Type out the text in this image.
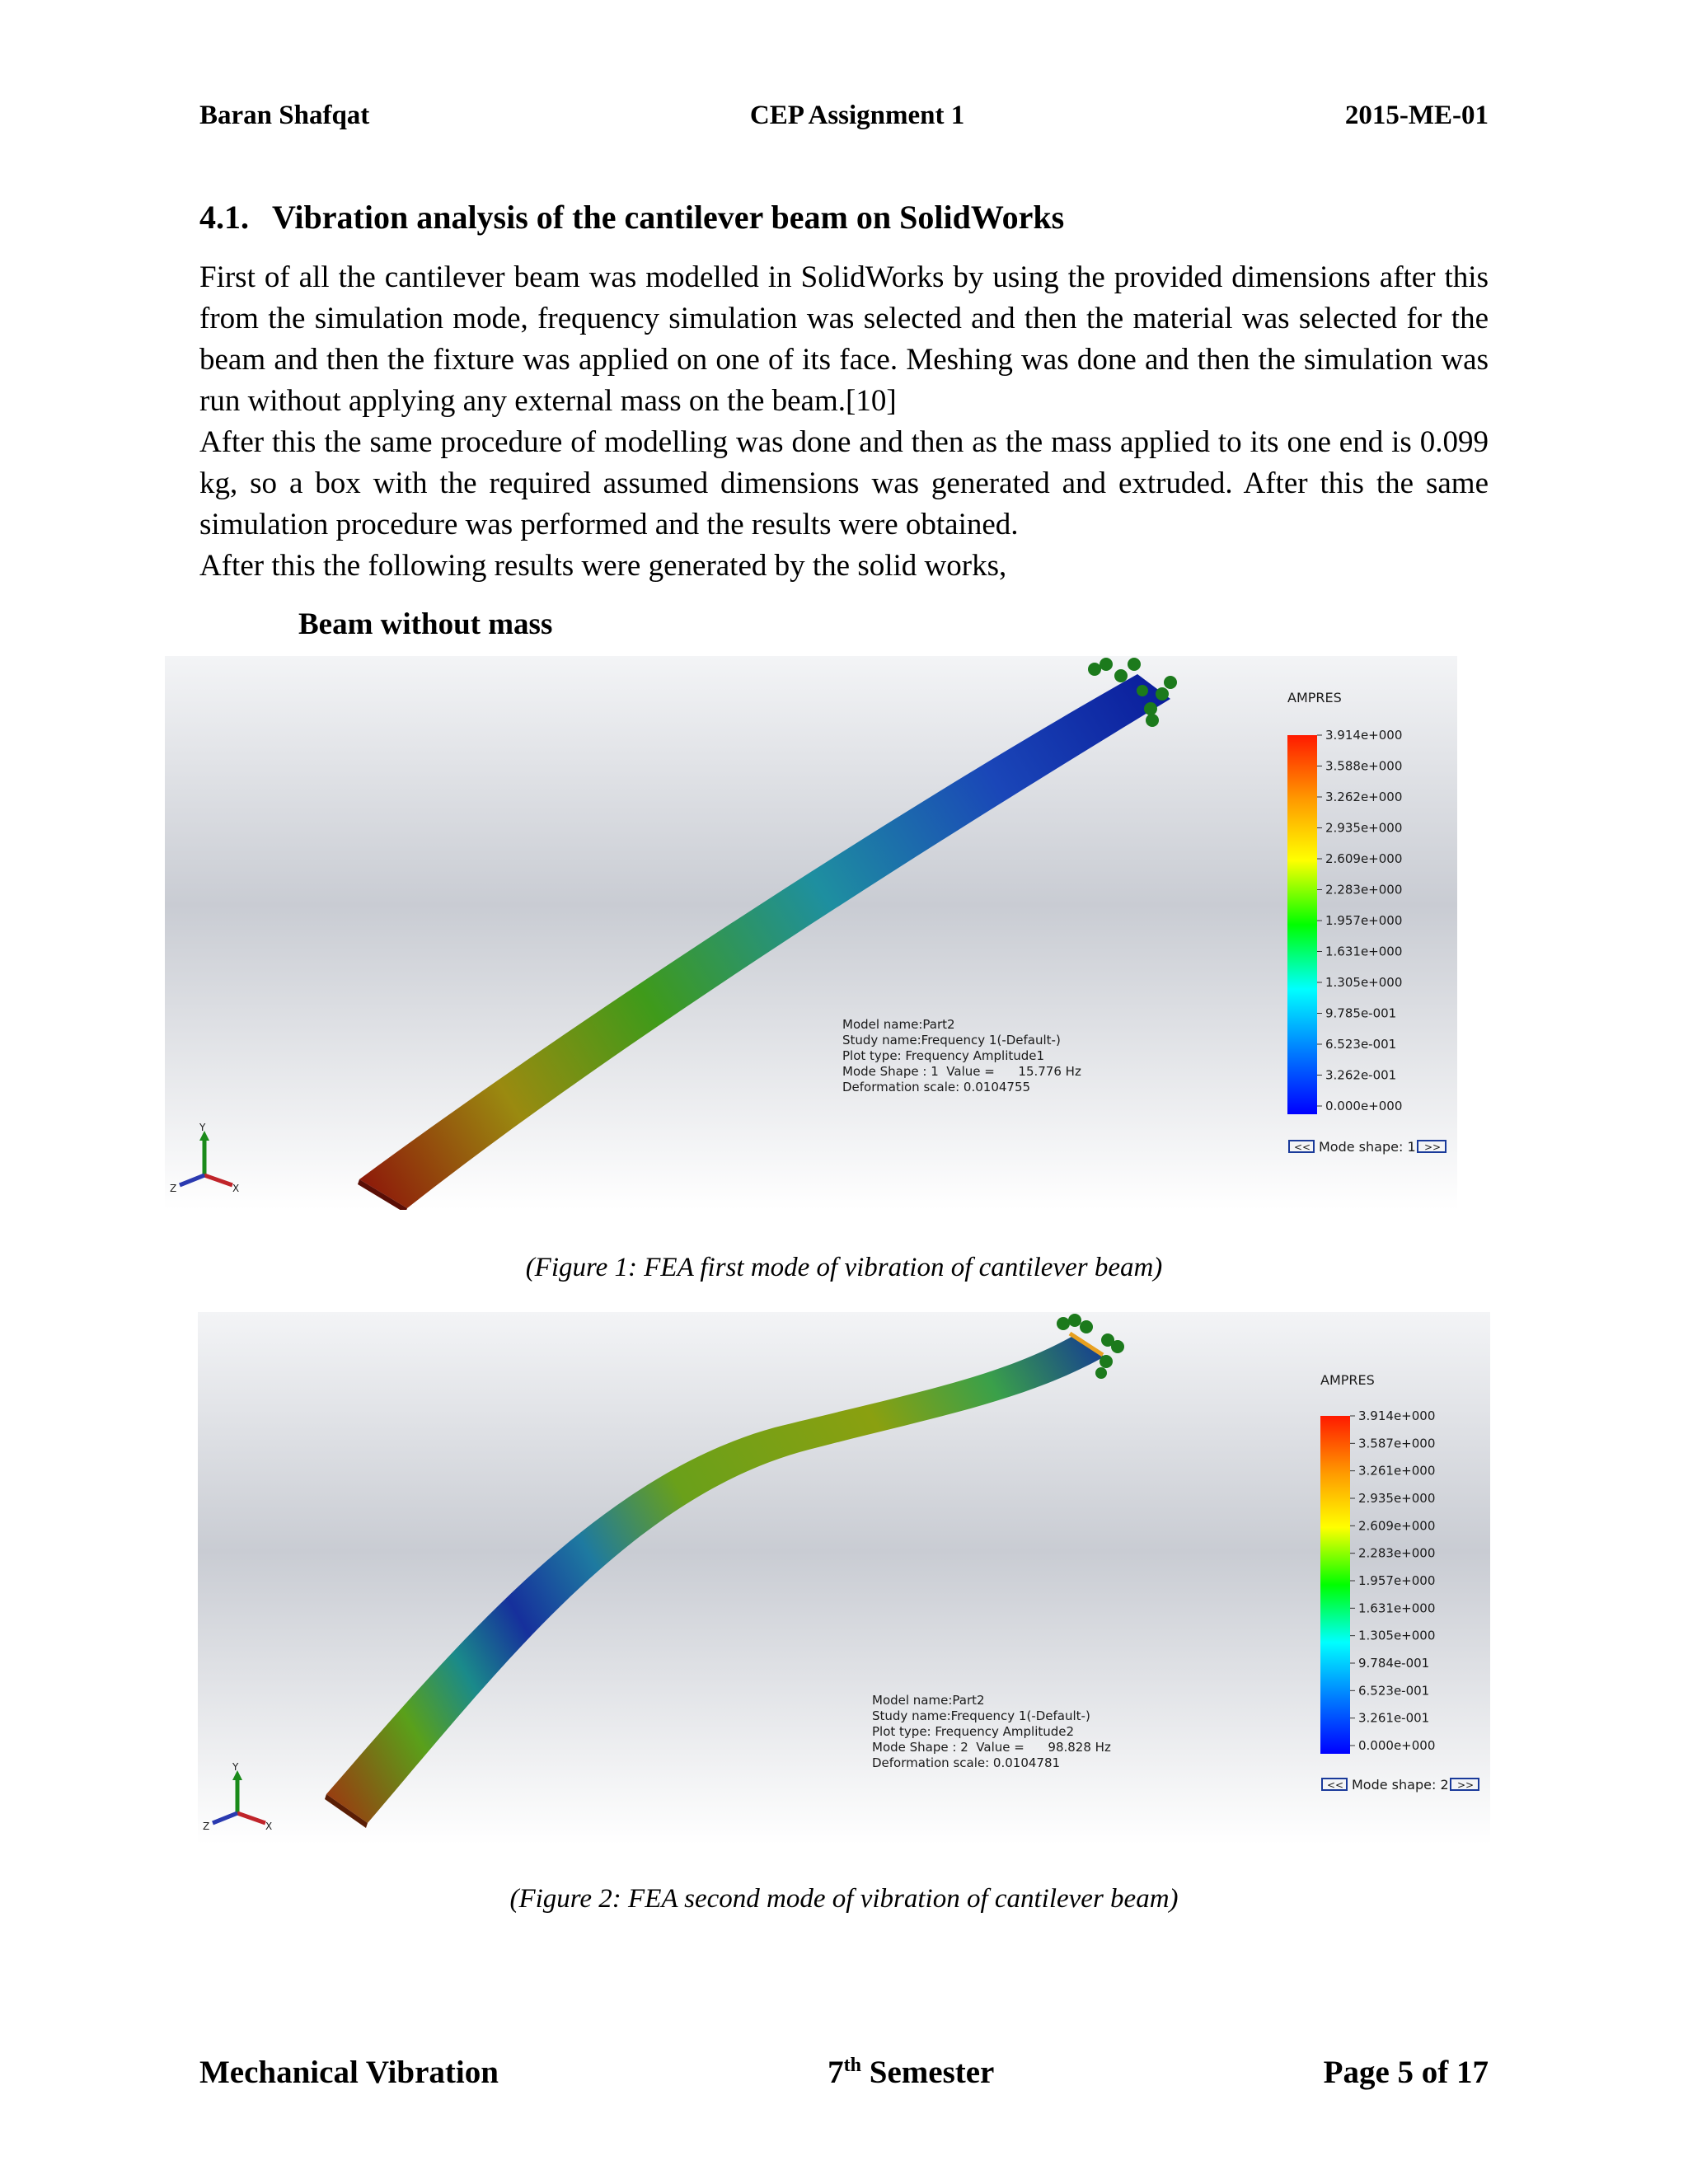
Baran Shafqat	CEP Assignment 1	2015-ME-01
4.1. Vibration analysis of the cantilever beam on SolidWorks

First of all the cantilever beam was modelled in SolidWorks by using the provided dimensions after this from the simulation mode, frequency simulation was selected and then the material was selected for the beam and then the fixture was applied on one of its face. Meshing was done and then the simulation was run without applying any external mass on the beam.[10]

After this the same procedure of modelling was done and then as the mass applied to its one end is 0.099 kg, so a box with the required assumed dimensions was generated and extruded. After this the same simulation procedure was performed and the results were obtained.

After this the following results were generated by the solid works,

Beam without mass
AMPRES
3.914e+000
3.588e+000
3.262e+000
2.935e+000
2.609e+000
2.283e+000
1.957e+000
1.631e+000
1.305e+000
9.785e-001
6.523e-001
3.262e-001
0.000e+000
Model name:Part2
Study name:Frequency 1(-Default-)
Plot type: Frequency Amplitude1
Mode Shape : 1  Value =      15.776 Hz
Deformation scale: 0.0104755
<< Mode shape: 1 >>
Y
Z	X
(Figure 1: FEA first mode of vibration of cantilever beam)
AMPRES
3.914e+000
3.587e+000
3.261e+000
2.935e+000
2.609e+000
2.283e+000
1.957e+000
1.631e+000
1.305e+000
9.784e-001
6.523e-001
3.261e-001
0.000e+000
Model name:Part2
Study name:Frequency 1(-Default-)
Plot type: Frequency Amplitude2
Mode Shape : 2  Value =      98.828 Hz
Deformation scale: 0.0104781
<< Mode shape: 2 >>
Y
Z	X
(Figure 2: FEA second mode of vibration of cantilever beam)
Mechanical Vibration	7th Semester	Page 5 of 17
